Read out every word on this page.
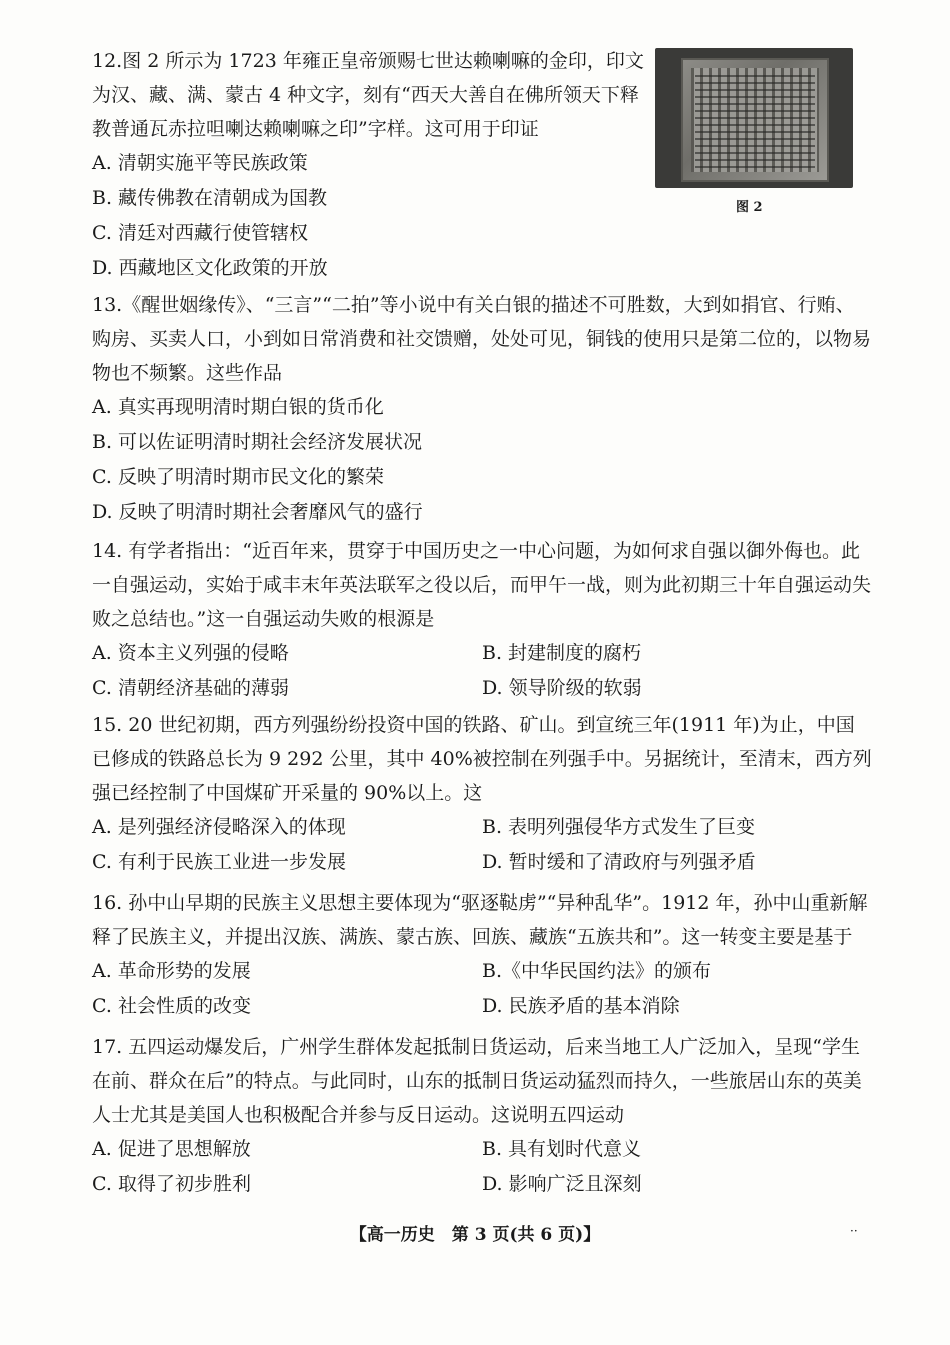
12.图 2 所示为 1723 年雍正皇帝颁赐七世达赖喇嘛的金印，印文为汉、藏、满、蒙古 4 种文字，刻有“西天大善自在佛所领天下释教普通瓦赤拉呾喇达赖喇嘛之印”字样。这可用于印证

A. 清朝实施平等民族政策

B. 藏传佛教在清朝成为国教

C. 清廷对西藏行使管辖权

D. 西藏地区文化政策的开放

图 2

13.《醒世姻缘传》、“三言”“二拍”等小说中有关白银的描述不可胜数，大到如捐官、行贿、购房、买卖人口，小到如日常消费和社交馈赠，处处可见，铜钱的使用只是第二位的，以物易物也不频繁。这些作品

A. 真实再现明清时期白银的货币化

B. 可以佐证明清时期社会经济发展状况

C. 反映了明清时期市民文化的繁荣

D. 反映了明清时期社会奢靡风气的盛行

14. 有学者指出：“近百年来，贯穿于中国历史之一中心问题，为如何求自强以御外侮也。此一自强运动，实始于咸丰末年英法联军之役以后，而甲午一战，则为此初期三十年自强运动失败之总结也。”这一自强运动失败的根源是

A. 资本主义列强的侵略	B. 封建制度的腐朽

C. 清朝经济基础的薄弱	D. 领导阶级的软弱

15. 20 世纪初期，西方列强纷纷投资中国的铁路、矿山。到宣统三年(1911 年)为止，中国已修成的铁路总长为 9 292 公里，其中 40%被控制在列强手中。另据统计，至清末，西方列强已经控制了中国煤矿开采量的 90%以上。这

A. 是列强经济侵略深入的体现	B. 表明列强侵华方式发生了巨变

C. 有利于民族工业进一步发展	D. 暂时缓和了清政府与列强矛盾

16. 孙中山早期的民族主义思想主要体现为“驱逐鞑虏”“异种乱华”。1912 年，孙中山重新解释了民族主义，并提出汉族、满族、蒙古族、回族、藏族“五族共和”。这一转变主要是基于

A. 革命形势的发展	B.《中华民国约法》的颁布

C. 社会性质的改变	D. 民族矛盾的基本消除

17. 五四运动爆发后，广州学生群体发起抵制日货运动，后来当地工人广泛加入，呈现“学生在前、群众在后”的特点。与此同时，山东的抵制日货运动猛烈而持久，一些旅居山东的英美人士尤其是美国人也积极配合并参与反日运动。这说明五四运动

A. 促进了思想解放	B. 具有划时代意义

C. 取得了初步胜利	D. 影响广泛且深刻

【高一历史　第 3 页(共 6 页)】	··
